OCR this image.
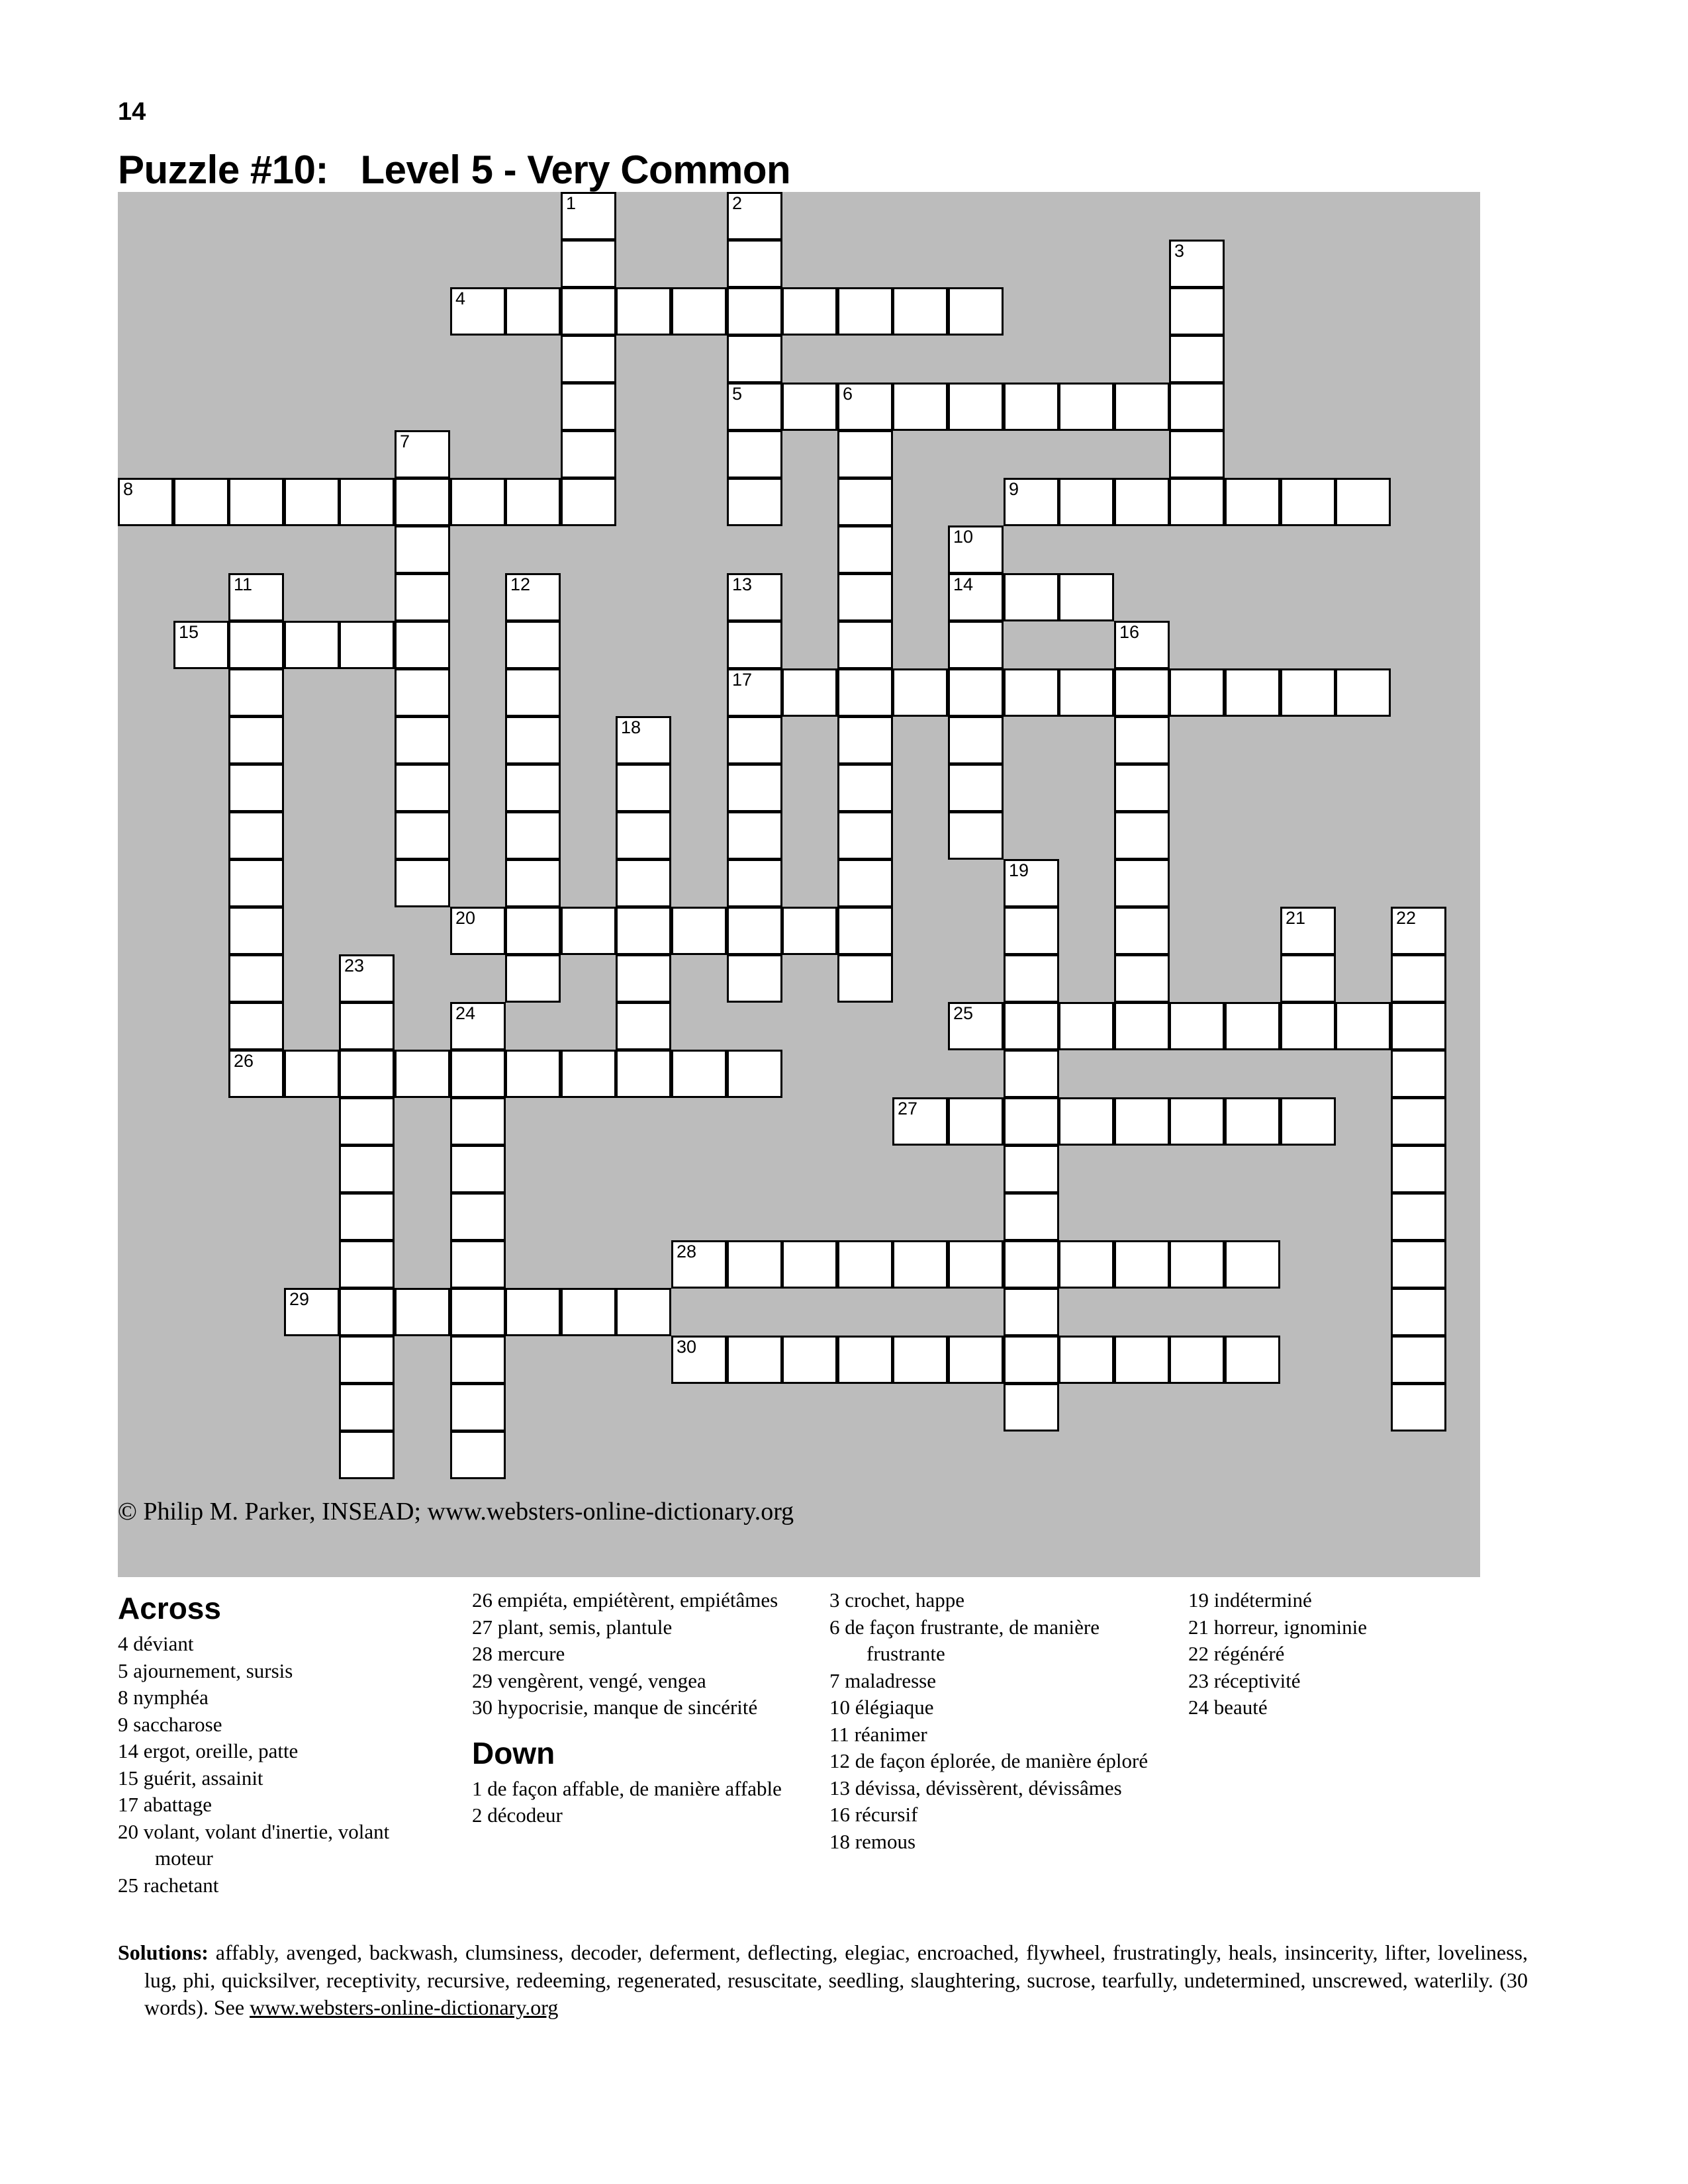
14
Puzzle #10:   Level 5 - Very Common
4
5	6
8	9
14
15
17
20
25
26
27
28
29
30
1	2
3
7
10
11	12	13
16
18
19
21	22
23
24
© Philip M. Parker, INSEAD; www.websters-online-dictionary.org
Across

4 déviant

5 ajournement, sursis

8 nymphéa

9 saccharose

14 ergot, oreille, patte

15 guérit, assainit

17 abattage

20 volant, volant d'inertie, volant moteur

25 rachetant

26 empiéta, empiétèrent, empiétâmes

27 plant, semis, plantule

28 mercure

29 vengèrent, vengé, vengea

30 hypocrisie, manque de sincérité

Down

1 de façon affable, de manière affable

2 décodeur

3 crochet, happe

6 de façon frustrante, de manière frustrante

7 maladresse

10 élégiaque

11 réanimer

12 de façon éplorée, de manière éploré

13 dévissa, dévissèrent, dévissâmes

16 récursif

18 remous

19 indéterminé

21 horreur, ignominie

22 régénéré

23 réceptivité

24 beauté

Solutions: affably, avenged, backwash, clumsiness, decoder, deferment, deflecting, elegiac, encroached, flywheel, frustratingly, heals, insincerity, lifter, loveliness, lug, phi, quicksilver, receptivity, recursive, redeeming, regenerated, resuscitate, seedling, slaughtering, sucrose, tearfully, undetermined, unscrewed, waterlily. (30 words). See www.websters-online-dictionary.org
